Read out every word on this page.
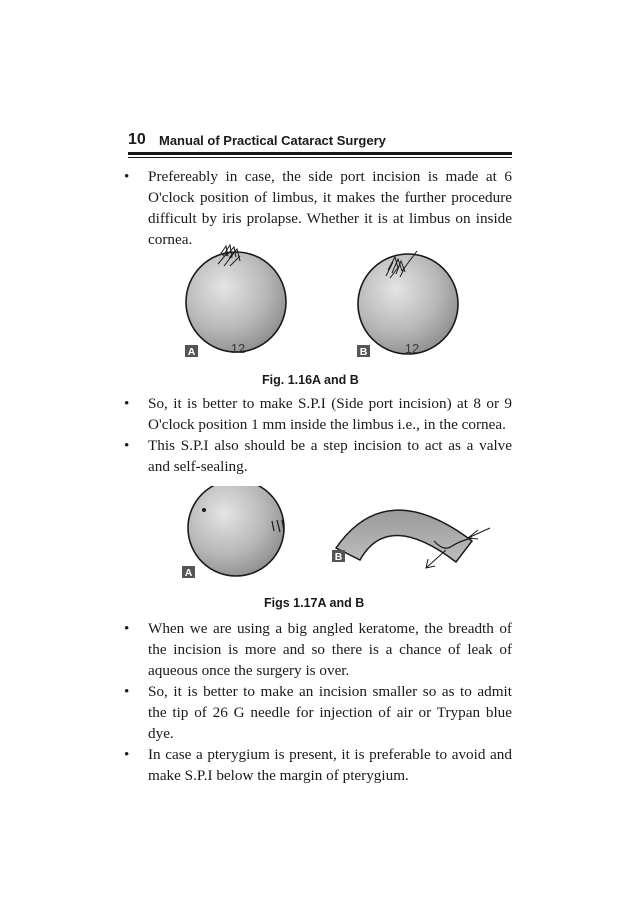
10 Manual of Practical Cataract Surgery

• Prefereably in case, the side port incision is made at 6 O'clock position of limbus, it makes the further procedure difficult by iris prolapse. Whether it is at limbus on inside cornea.

A	12	B	12
Fig. 1.16A and B

• So, it is better to make S.P.I (Side port incision) at 8 or 9 O'clock position 1 mm inside the limbus i.e., in the cornea.

• This S.P.I also should be a step incision to act as a valve and self-sealing.

A
B
Figs 1.17A and B

• When we are using a big angled keratome, the breadth of the incision is more and so there is a chance of leak of aqueous once the surgery is over.

• So, it is better to make an incision smaller so as to admit the tip of 26 G needle for injection of air or Trypan blue dye.

• In case a pterygium is present, it is preferable to avoid and make S.P.I below the margin of pterygium.
